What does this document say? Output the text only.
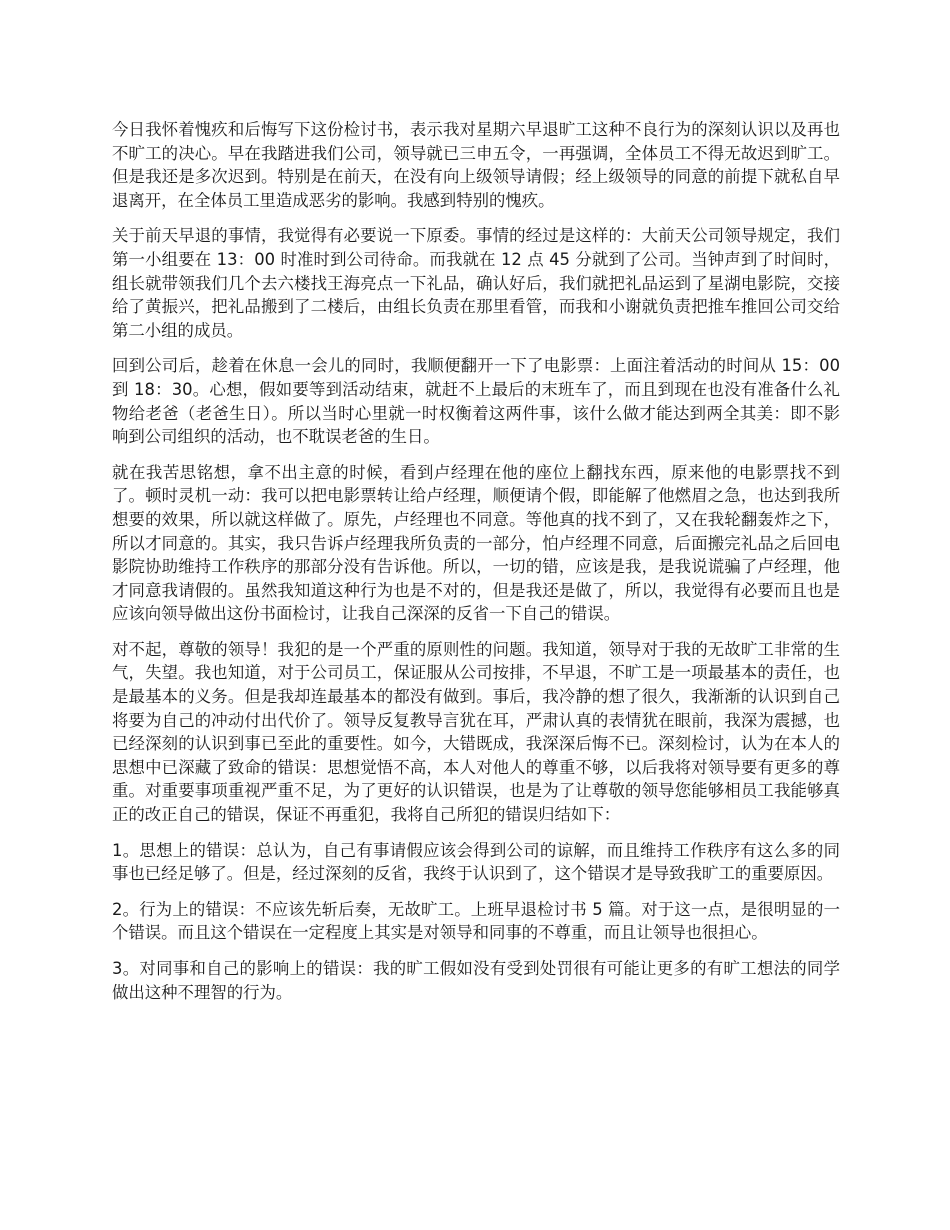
今日我怀着愧疚和后悔写下这份检讨书，表示我对星期六早退旷工这种不良行为的深刻认识以及再也不旷工的决心。早在我踏进我们公司，领导就已三申五令，一再强调，全体员工不得无故迟到旷工。但是我还是多次迟到。特别是在前天，在没有向上级领导请假；经上级领导的同意的前提下就私自早退离开，在全体员工里造成恶劣的影响。我感到特别的愧疚。

关于前天早退的事情，我觉得有必要说一下原委。事情的经过是这样的：大前天公司领导规定，我们第一小组要在 13：00 时准时到公司待命。而我就在 12 点 45 分就到了公司。当钟声到了时间时，组长就带领我们几个去六楼找王海亮点一下礼品，确认好后，我们就把礼品运到了星湖电影院，交接给了黄振兴，把礼品搬到了二楼后，由组长负责在那里看管，而我和小谢就负责把推车推回公司交给第二小组的成员。

回到公司后，趁着在休息一会儿的同时，我顺便翻开一下了电影票：上面注着活动的时间从 15：00 到 18：30。心想，假如要等到活动结束，就赶不上最后的末班车了，而且到现在也没有准备什么礼物给老爸（老爸生日）。所以当时心里就一时权衡着这两件事，该什么做才能达到两全其美：即不影响到公司组织的活动，也不耽误老爸的生日。

就在我苦思铭想，拿不出主意的时候，看到卢经理在他的座位上翻找东西，原来他的电影票找不到了。顿时灵机一动：我可以把电影票转让给卢经理，顺便请个假，即能解了他燃眉之急，也达到我所想要的效果，所以就这样做了。原先，卢经理也不同意。等他真的找不到了，又在我轮翻轰炸之下，所以才同意的。其实，我只告诉卢经理我所负责的一部分，怕卢经理不同意，后面搬完礼品之后回电影院协助维持工作秩序的那部分没有告诉他。所以，一切的错，应该是我，是我说谎骗了卢经理，他才同意我请假的。虽然我知道这种行为也是不对的，但是我还是做了，所以，我觉得有必要而且也是应该向领导做出这份书面检讨，让我自己深深的反省一下自己的错误。

对不起，尊敬的领导！我犯的是一个严重的原则性的问题。我知道，领导对于我的无故旷工非常的生气，失望。我也知道，对于公司员工，保证服从公司按排，不早退，不旷工是一项最基本的责任，也是最基本的义务。但是我却连最基本的都没有做到。事后，我冷静的想了很久，我渐渐的认识到自己将要为自己的冲动付出代价了。领导反复教导言犹在耳，严肃认真的表情犹在眼前，我深为震撼，也已经深刻的认识到事已至此的重要性。如今，大错既成，我深深后悔不已。深刻检讨，认为在本人的思想中已深藏了致命的错误：思想觉悟不高，本人对他人的尊重不够，以后我将对领导要有更多的尊重。对重要事项重视严重不足，为了更好的认识错误，也是为了让尊敬的领导您能够相员工我能够真正的改正自己的错误，保证不再重犯，我将自己所犯的错误归结如下：

1。思想上的错误：总认为，自己有事请假应该会得到公司的谅解，而且维持工作秩序有这么多的同事也已经足够了。但是，经过深刻的反省，我终于认识到了，这个错误才是导致我旷工的重要原因。

2。行为上的错误：不应该先斩后奏，无故旷工。上班早退检讨书 5 篇。对于这一点，是很明显的一个错误。而且这个错误在一定程度上其实是对领导和同事的不尊重，而且让领导也很担心。

3。对同事和自己的影响上的错误：我的旷工假如没有受到处罚很有可能让更多的有旷工想法的同学做出这种不理智的行为。
